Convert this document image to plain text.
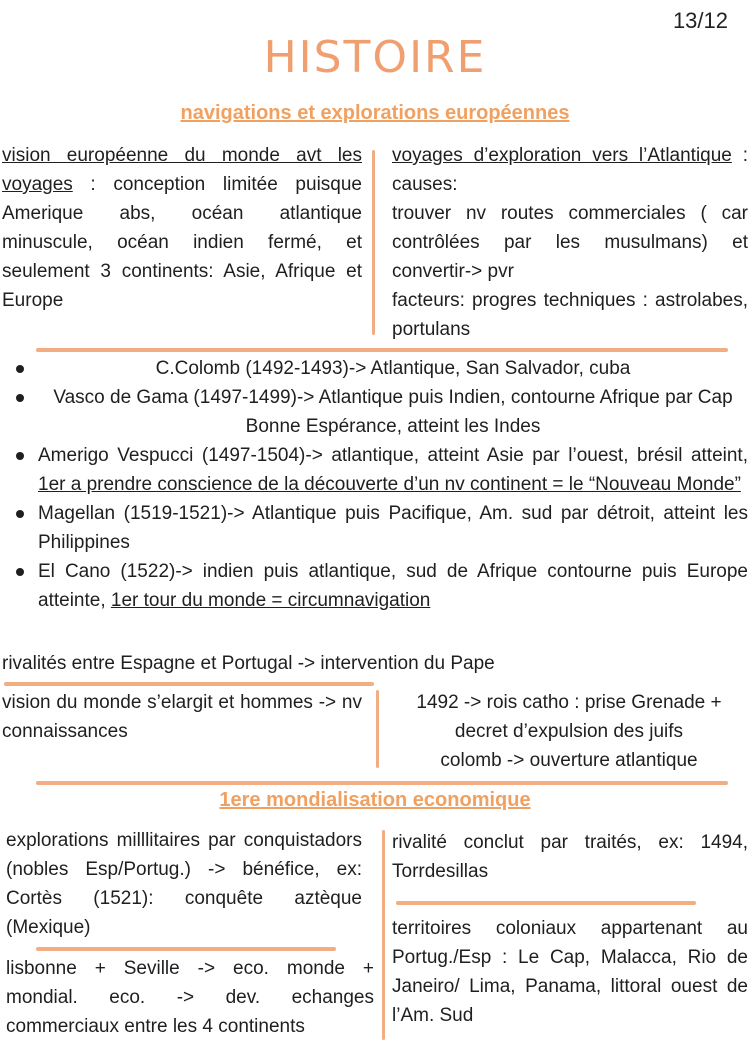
13/12
HISTOIRE
navigations et explorations européennes

vision européenne du monde avt les voyages : conception limitée puisque Amerique abs, océan atlantique minuscule, océan indien fermé, et seulement 3 continents: Asie, Afrique et Europe

voyages d’exploration vers l’Atlantique : causes:

trouver nv routes commerciales ( car contrôlées par les musulmans) et convertir-> pvr

facteurs: progres techniques : astrolabes, portulans

C.Colomb (1492-1493)-> Atlantique, San Salvador, cuba
Vasco de Gama (1497-1499)-> Atlantique puis Indien, contourne Afrique par Cap Bonne Espérance, atteint les Indes
Amerigo Vespucci (1497-1504)-> atlantique, atteint Asie par l’ouest, brésil atteint, 1er a prendre conscience de la découverte d’un nv continent = le “Nouveau Monde”
Magellan (1519-1521)-> Atlantique puis Pacifique, Am. sud par détroit, atteint les Philippines
El Cano (1522)-> indien puis atlantique, sud de Afrique contourne puis Europe atteinte, 1er tour du monde = circumnavigation
rivalités entre Espagne et Portugal -> intervention du Pape
vision du monde s’elargit et hommes -> nv connaissances
1492 -> rois catho : prise Grenade +
decret d’expulsion des juifs
colomb -> ouverture atlantique
1ere mondialisation economique
explorations milllitaires par conquistadors (nobles Esp/Portug.) -> bénéfice, ex: Cortès (1521): conquête aztèque (Mexique)
lisbonne + Seville -> eco. monde + mondial. eco. -> dev. echanges commerciaux entre les 4 continents
rivalité conclut par traités, ex: 1494, Torrdesillas
territoires coloniaux appartenant au Portug./Esp : Le Cap, Malacca, Rio de Janeiro/ Lima, Panama, littoral ouest de l’Am. Sud
